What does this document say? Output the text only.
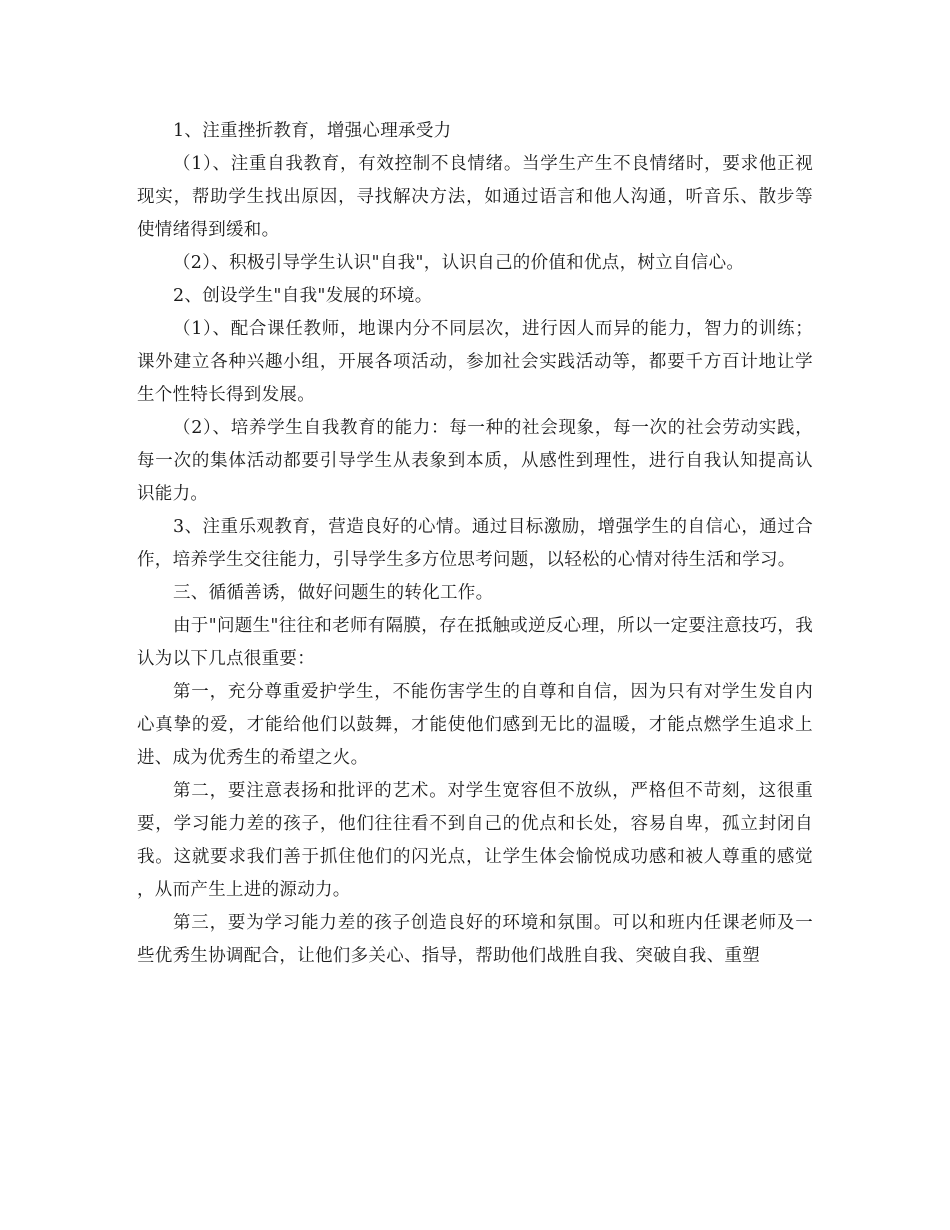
1、注重挫折教育，增强心理承受力

（1）、注重自我教育，有效控制不良情绪。当学生产生不良情绪时，要求他正视现实，帮助学生找出原因，寻找解决方法，如通过语言和他人沟通，听音乐、散步等使情绪得到缓和。

（2）、积极引导学生认识"自我"，认识自己的价值和优点，树立自信心。

2、创设学生"自我"发展的环境。

（1）、配合课任教师，地课内分不同层次，进行因人而异的能力，智力的训练；课外建立各种兴趣小组，开展各项活动，参加社会实践活动等，都要千方百计地让学生个性特长得到发展。

（2）、培养学生自我教育的能力：每一种的社会现象，每一次的社会劳动实践，每一次的集体活动都要引导学生从表象到本质，从感性到理性，进行自我认知提高认识能力。

3、注重乐观教育，营造良好的心情。通过目标激励，增强学生的自信心，通过合作，培养学生交往能力，引导学生多方位思考问题，以轻松的心情对待生活和学习。

三、循循善诱，做好问题生的转化工作。

由于"问题生"往往和老师有隔膜，存在抵触或逆反心理，所以一定要注意技巧，我认为以下几点很重要：

第一，充分尊重爱护学生，不能伤害学生的自尊和自信，因为只有对学生发自内心真挚的爱，才能给他们以鼓舞，才能使他们感到无比的温暖，才能点燃学生追求上进、成为优秀生的希望之火。

第二，要注意表扬和批评的艺术。对学生宽容但不放纵，严格但不苛刻，这很重要，学习能力差的孩子，他们往往看不到自己的优点和长处，容易自卑，孤立封闭自我。这就要求我们善于抓住他们的闪光点，让学生体会愉悦成功感和被人尊重的感觉，从而产生上进的源动力。

第三，要为学习能力差的孩子创造良好的环境和氛围。可以和班内任课老师及一些优秀生协调配合，让他们多关心、指导，帮助他们战胜自我、突破自我、重塑
